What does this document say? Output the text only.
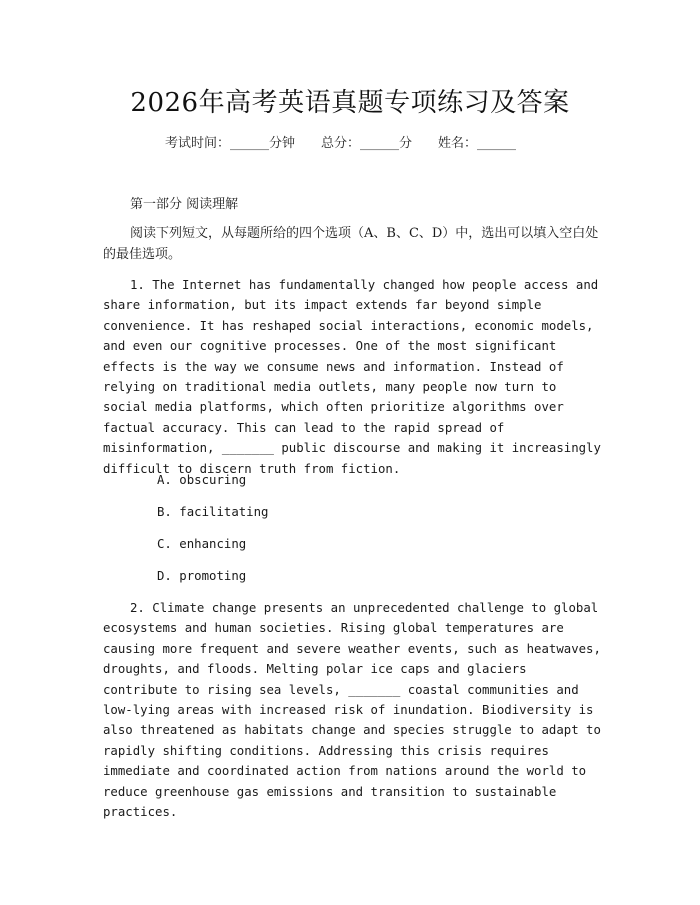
2026年高考英语真题专项练习及答案
考试时间：______分钟 总分：______分 姓名：______
第一部分 阅读理解
阅读下列短文，从每题所给的四个选项（A、B、C、D）中，选出可以填入空白处的最佳选项。
1. The Internet has fundamentally changed how people access and share information, but its impact extends far beyond simple convenience. It has reshaped social interactions, economic models, and even our cognitive processes. One of the most significant effects is the way we consume news and information. Instead of relying on traditional media outlets, many people now turn to social media platforms, which often prioritize algorithms over factual accuracy. This can lead to the rapid spread of misinformation, _______ public discourse and making it increasingly difficult to discern truth from fiction.
A. obscuring
B. facilitating
C. enhancing
D. promoting
2. Climate change presents an unprecedented challenge to global ecosystems and human societies. Rising global temperatures are causing more frequent and severe weather events, such as heatwaves, droughts, and floods. Melting polar ice caps and glaciers contribute to rising sea levels, _______ coastal communities and low-lying areas with increased risk of inundation. Biodiversity is also threatened as habitats change and species struggle to adapt to rapidly shifting conditions. Addressing this crisis requires immediate and coordinated action from nations around the world to reduce greenhouse gas emissions and transition to sustainable practices.
